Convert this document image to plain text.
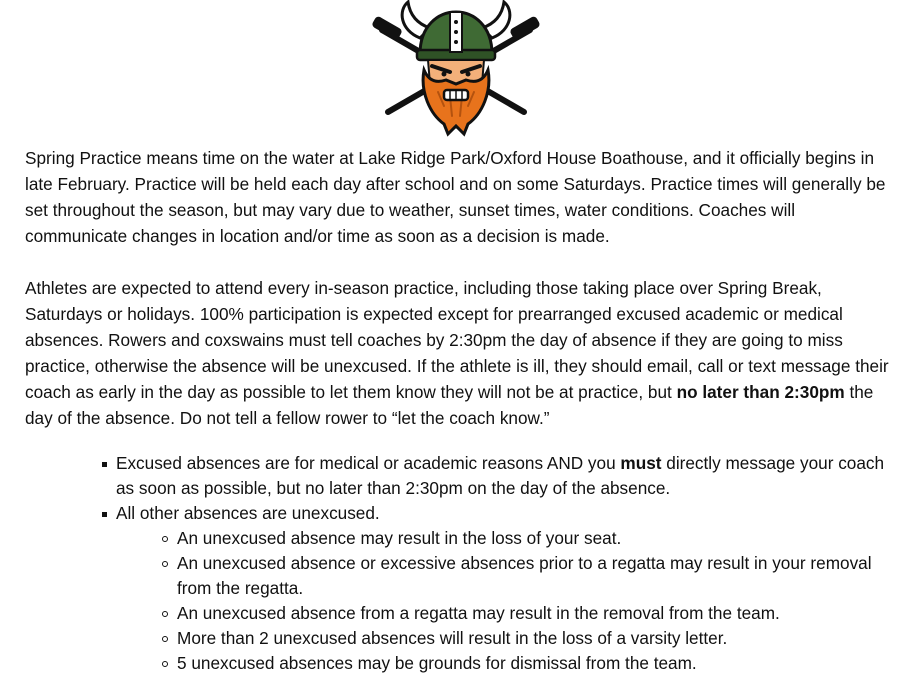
Spring Practice means time on the water at Lake Ridge Park/Oxford House Boathouse, and it officially begins in late February. Practice will be held each day after school and on some Saturdays. Practice times will generally be set throughout the season, but may vary due to weather, sunset times, water conditions. Coaches will communicate changes in location and/or time as soon as a decision is made.

Athletes are expected to attend every in-season practice, including those taking place over Spring Break, Saturdays or holidays. 100% participation is expected except for prearranged excused academic or medical absences. Rowers and coxswains must tell coaches by 2:30pm the day of absence if they are going to miss practice, otherwise the absence will be unexcused. If the athlete is ill, they should email, call or text message their coach as early in the day as possible to let them know they will not be at practice, but no later than 2:30pm the day of the absence. Do not tell a fellow rower to “let the coach know.”

Excused absences are for medical or academic reasons AND you must directly message your coach as soon as possible, but no later than 2:30pm on the day of the absence.
All other absences are unexcused.
An unexcused absence may result in the loss of your seat.
An unexcused absence or excessive absences prior to a regatta may result in your removal from the regatta.
An unexcused absence from a regatta may result in the removal from the team.
More than 2 unexcused absences will result in the loss of a varsity letter.
5 unexcused absences may be grounds for dismissal from the team.
